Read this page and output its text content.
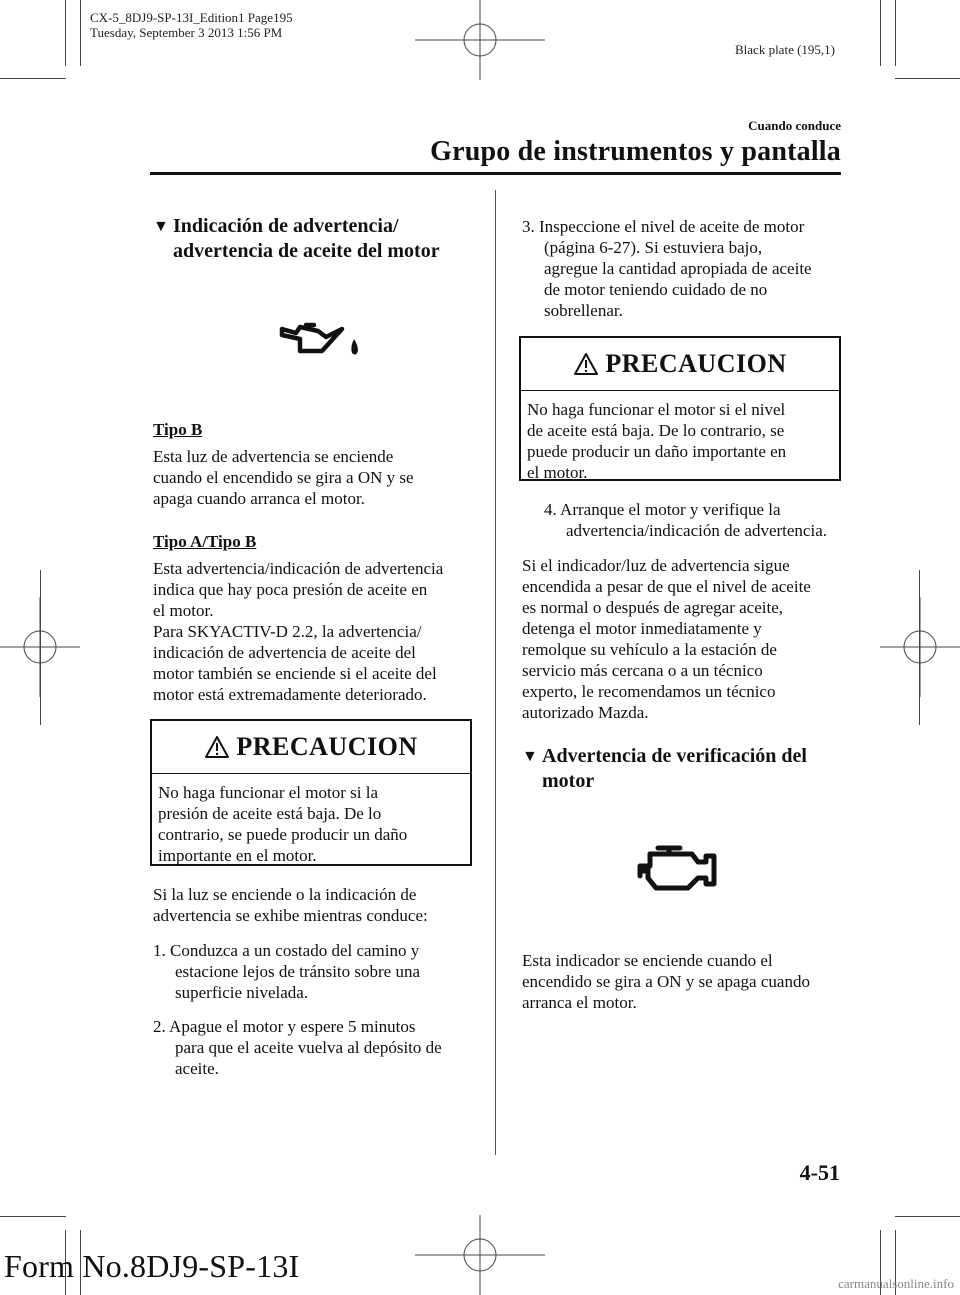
CX-5_8DJ9-SP-13I_Edition1 Page195
Tuesday, September 3 2013 1:56 PM
Black plate (195,1)
Cuando conduce
Grupo de instrumentos y pantalla
▼ Indicación de advertencia/
advertencia de aceite del motor
Tipo B
Esta luz de advertencia se enciende
cuando el encendido se gira a ON y se
apaga cuando arranca el motor.
Tipo A/Tipo B
Esta advertencia/indicación de advertencia
indica que hay poca presión de aceite en
el motor.
Para SKYACTIV-D 2.2, la advertencia/
indicación de advertencia de aceite del
motor también se enciende si el aceite del
motor está extremadamente deteriorado.
PRECAUCION
No haga funcionar el motor si la
presión de aceite está baja. De lo
contrario, se puede producir un daño
importante en el motor.
Si la luz se enciende o la indicación de
advertencia se exhibe mientras conduce:
1. Conduzca a un costado del camino y
estacione lejos de tránsito sobre una
superficie nivelada.
2. Apague el motor y espere 5 minutos
para que el aceite vuelva al depósito de
aceite.
3. Inspeccione el nivel de aceite de motor
(página 6-27). Si estuviera bajo,
agregue la cantidad apropiada de aceite
de motor teniendo cuidado de no
sobrellenar.
PRECAUCION
No haga funcionar el motor si el nivel
de aceite está baja. De lo contrario, se
puede producir un daño importante en
el motor.
4. Arranque el motor y verifique la
advertencia/indicación de advertencia.
Si el indicador/luz de advertencia sigue
encendida a pesar de que el nivel de aceite
es normal o después de agregar aceite,
detenga el motor inmediatamente y
remolque su vehículo a la estación de
servicio más cercana o a un técnico
experto, le recomendamos un técnico
autorizado Mazda.
▼ Advertencia de verificación del
motor
Esta indicador se enciende cuando el
encendido se gira a ON y se apaga cuando
arranca el motor.
4-51
Form No.8DJ9-SP-13I	carmanualsonline.info
